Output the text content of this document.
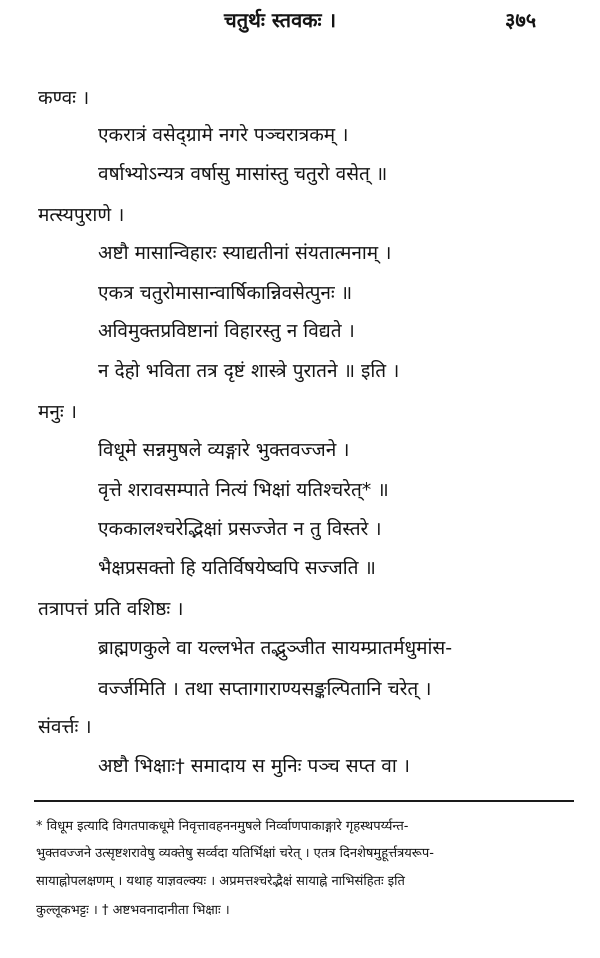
चतुर्थः स्तवकः ।	३७५
कण्वः ।
एकरात्रं वसेद्ग्रामे नगरे पञ्चरात्रकम् ।
वर्षाभ्योऽन्यत्र वर्षासु मासांस्तु चतुरो वसेत् ॥
मत्स्यपुराणे ।
अष्टौ मासान्विहारः स्याद्यतीनां संयतात्मनाम् ।
एकत्र चतुरोमासान्वार्षिकान्निवसेत्पुनः ॥
अविमुक्तप्रविष्टानां विहारस्तु न विद्यते ।
न देहो भविता तत्र दृष्टं शास्त्रे पुरातने ॥ इति ।
मनुः ।
विधूमे सन्नमुषले व्यङ्गारे भुक्तवज्जने ।
वृत्ते शरावसम्पाते नित्यं भिक्षां यतिश्चरेत्* ॥
एककालश्चरेद्भिक्षां प्रसज्जेत न तु विस्तरे ।
भैक्षप्रसक्तो हि यतिर्विषयेष्वपि सज्जति ॥
तत्रापत्तं प्रति वशिष्ठः ।
ब्राह्मणकुले वा यल्लभेत तद्भुञ्जीत सायम्प्रातर्मधुमांस-
वर्ज्जमिति । तथा सप्तागाराण्यसङ्कल्पितानि चरेत् ।
संवर्त्तः ।
अष्टौ भिक्षाः† समादाय स मुनिः पञ्च सप्त वा ।
* विधूम इत्यादि विगतपाकधूमे निवृत्तावहननमुषले निर्व्वाणपाकाङ्गारे गृहस्थपर्य्यन्त-
भुक्तवज्जने उत्सृष्टशरावेषु व्यक्तेषु सर्व्वदा यतिर्भिक्षां चरेत् । एतत्र दिनशेषमुहूर्त्तत्रयरूप-
सायाह्नोपलक्षणम् । यथाह याज्ञवल्क्यः । अप्रमत्तश्चरेद्भैक्षं सायाह्ने नाभिसंहितः इति
कुल्लूकभट्टः । † अष्टभवनादानीता भिक्षाः ।
